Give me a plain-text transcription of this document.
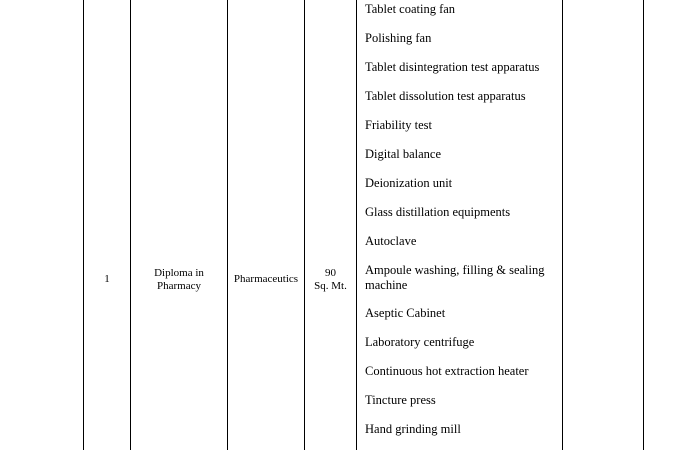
1	Diploma in
Pharmacy
Pharmaceutics	90
Sq. Mt.
Tablet coating fan
Polishing fan
Tablet disintegration test apparatus
Tablet dissolution test apparatus
Friability test
Digital balance
Deionization unit
Glass distillation equipments
Autoclave
Ampoule washing, filling & sealing machine
Aseptic Cabinet
Laboratory centrifuge
Continuous hot extraction heater
Tincture press
Hand grinding mill
